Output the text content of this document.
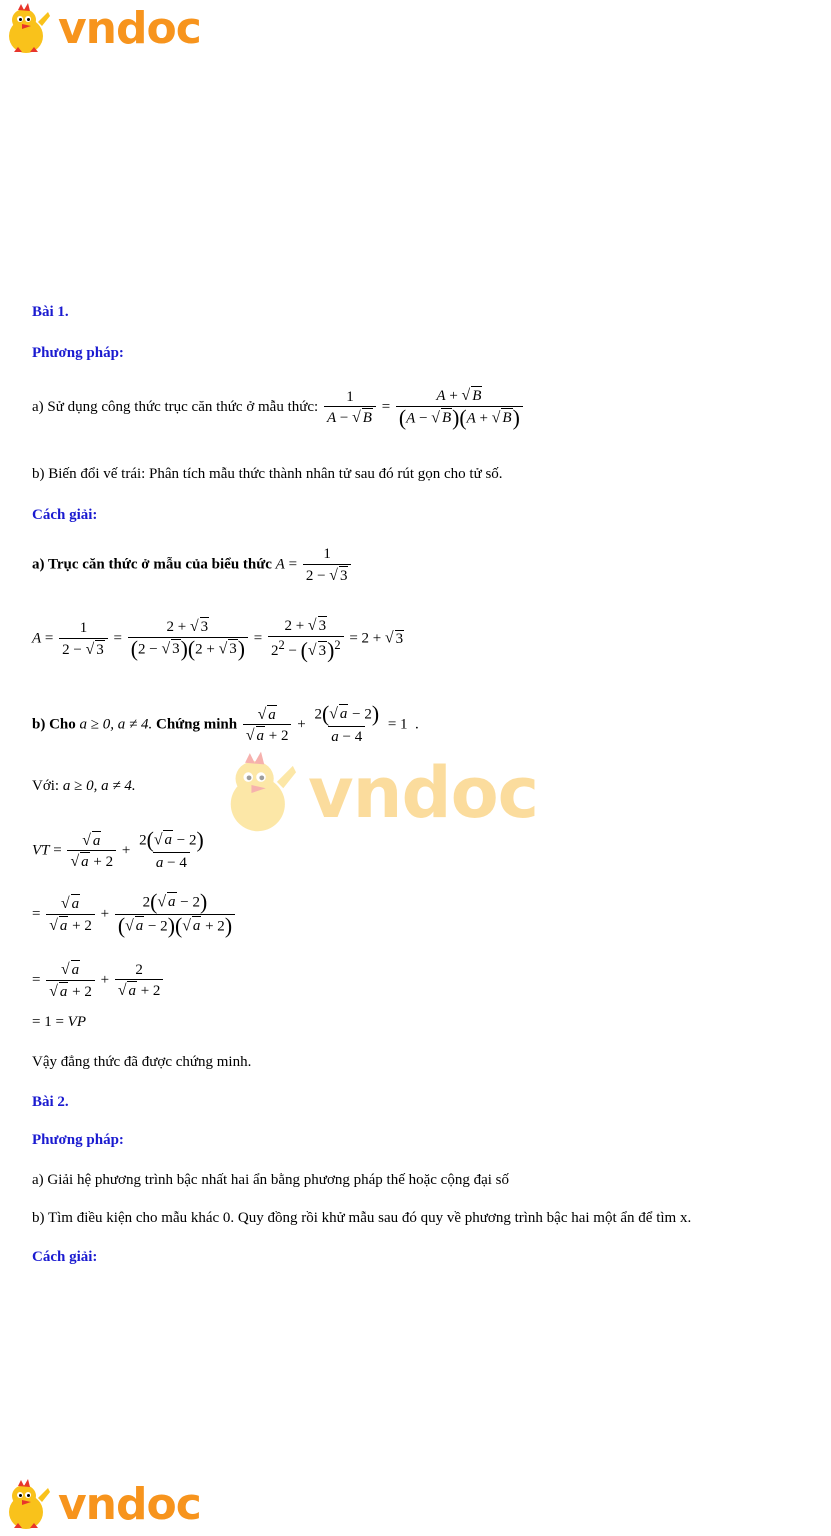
vndoc
vndoc
Bài 1.
Phương pháp:
a) Sử dụng công thức trục căn thức ở mẫu thức: $\frac{1}{A - √ B} = \frac{A + √ B}{(A - √ B)(A + √ B)}$
b) Biến đổi vế trái: Phân tích mẫu thức thành nhân tử sau đó rút gọn cho tử số.
Cách giải:
a) Trục căn thức ở mẫu của biểu thức $A = \frac{1}{2 - √ 3}$
$A = \frac{1}{2 - √ 3} = \frac{2 + √ 3}{(2 - √ 3)(2 + √ 3)} = \frac{2 + √ 3}{2^2 - (√ 3)^2} = 2$ + √ 3
b) Cho a ≥ 0, a ≠ 4. Chứng minh $\frac{√ a}{√ a + 2} + \frac{2(√ a - 2)}{a - 4} = 1$  .
Với: a ≥ 0, a ≠ 4.
VT = $\frac{√ a}{√ a + 2} + \frac{2(√ a - 2)}{a - 4}$
= $\frac{√ a}{√ a + 2} + \frac{2(√ a - 2)}{(√ a - 2)(√ a + 2)}$
= $\frac{√ a}{√ a + 2} + \frac{2}{√ a + 2}$
= 1 = VP
Vậy đẳng thức đã được chứng minh.
Bài 2.
Phương pháp:
a) Giải hệ phương trình bậc nhất hai ẩn bằng phương pháp thế hoặc cộng đại số
b) Tìm điều kiện cho mẫu khác 0. Quy đồng rồi khử mẫu sau đó quy về phương trình bậc hai một ẩn để tìm x.
Cách giải:
vndoc
